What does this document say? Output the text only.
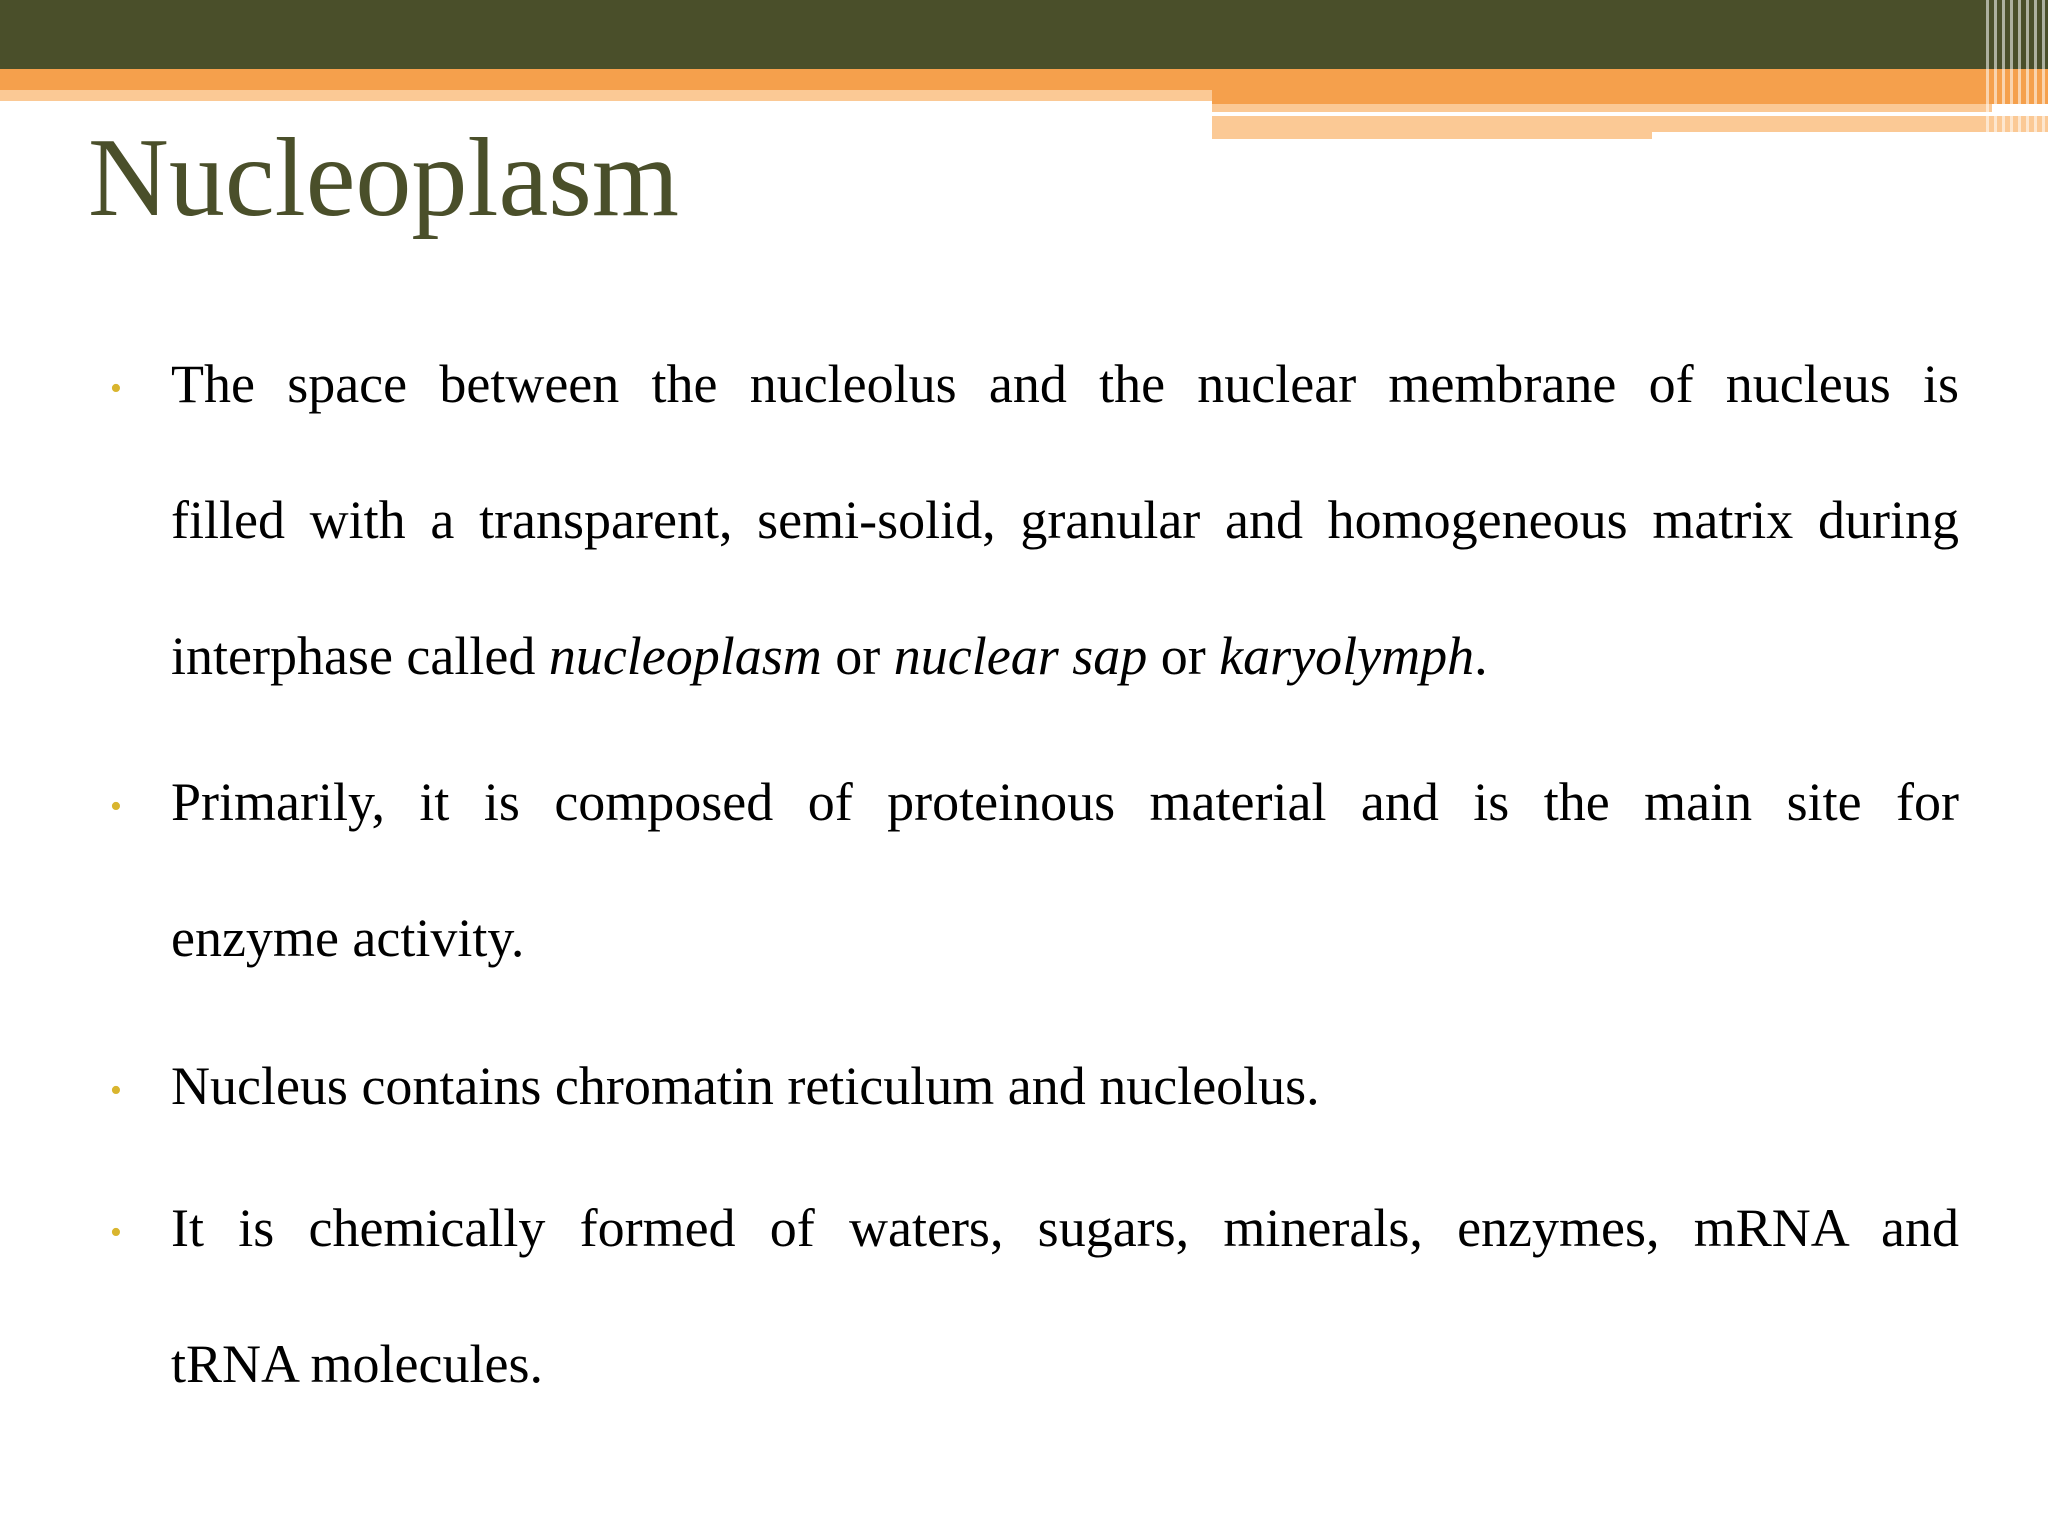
Nucleoplasm
• The space between the nucleolus and the nuclear membrane of nucleus is

filled with a transparent, semi-solid, granular and homogeneous matrix during

interphase called nucleoplasm or nuclear sap or karyolymph.

• Primarily, it is composed of proteinous material and is the main site for

enzyme activity.

• Nucleus contains chromatin reticulum and nucleolus.

• It is chemically formed of waters, sugars, minerals, enzymes, mRNA and

tRNA molecules.
